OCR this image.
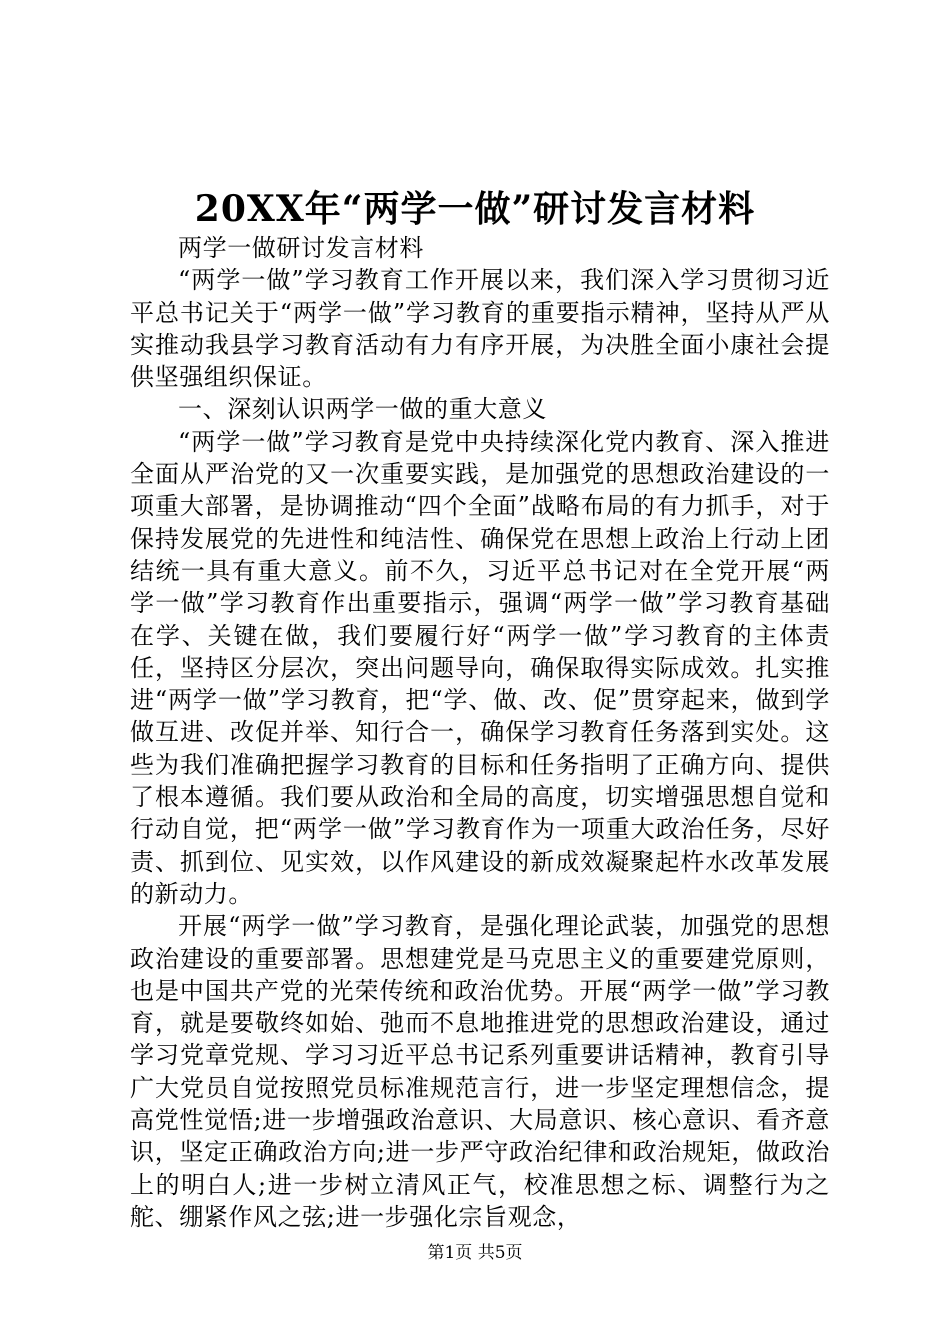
20XX年“两学一做”研讨发言材料

两学一做研讨发言材料

“两学一做”学习教育工作开展以来，我们深入学习贯彻习近平总书记关于“两学一做”学习教育的重要指示精神，坚持从严从实推动我县学习教育活动有力有序开展，为决胜全面小康社会提供坚强组织保证。

一、深刻认识两学一做的重大意义

“两学一做”学习教育是党中央持续深化党内教育、深入推进全面从严治党的又一次重要实践，是加强党的思想政治建设的一项重大部署，是协调推动“四个全面”战略布局的有力抓手，对于保持发展党的先进性和纯洁性、确保党在思想上政治上行动上团结统一具有重大意义。前不久，习近平总书记对在全党开展“两学一做”学习教育作出重要指示，强调“两学一做”学习教育基础在学、关键在做，我们要履行好“两学一做”学习教育的主体责任，坚持区分层次，突出问题导向，确保取得实际成效。扎实推进“两学一做”学习教育，把“学、做、改、促”贯穿起来，做到学做互进、改促并举、知行合一，确保学习教育任务落到实处。这些为我们准确把握学习教育的目标和任务指明了正确方向、提供了根本遵循。我们要从政治和全局的高度，切实增强思想自觉和行动自觉，把“两学一做”学习教育作为一项重大政治任务，尽好责、抓到位、见实效，以作风建设的新成效凝聚起杵水改革发展的新动力。

开展“两学一做”学习教育，是强化理论武装，加强党的思想政治建设的重要部署。思想建党是马克思主义的重要建党原则，也是中国共产党的光荣传统和政治优势。开展“两学一做”学习教育，就是要敬终如始、弛而不息地推进党的思想政治建设，通过学习党章党规、学习习近平总书记系列重要讲话精神，教育引导广大党员自觉按照党员标准规范言行，进一步坚定理想信念，提高党性觉悟;进一步增强政治意识、大局意识、核心意识、看齐意识，坚定正确政治方向;进一步严守政治纪律和政治规矩，做政治上的明白人;进一步树立清风正气，校准思想之标、调整行为之舵、绷紧作风之弦;进一步强化宗旨观念，

第1页 共5页
